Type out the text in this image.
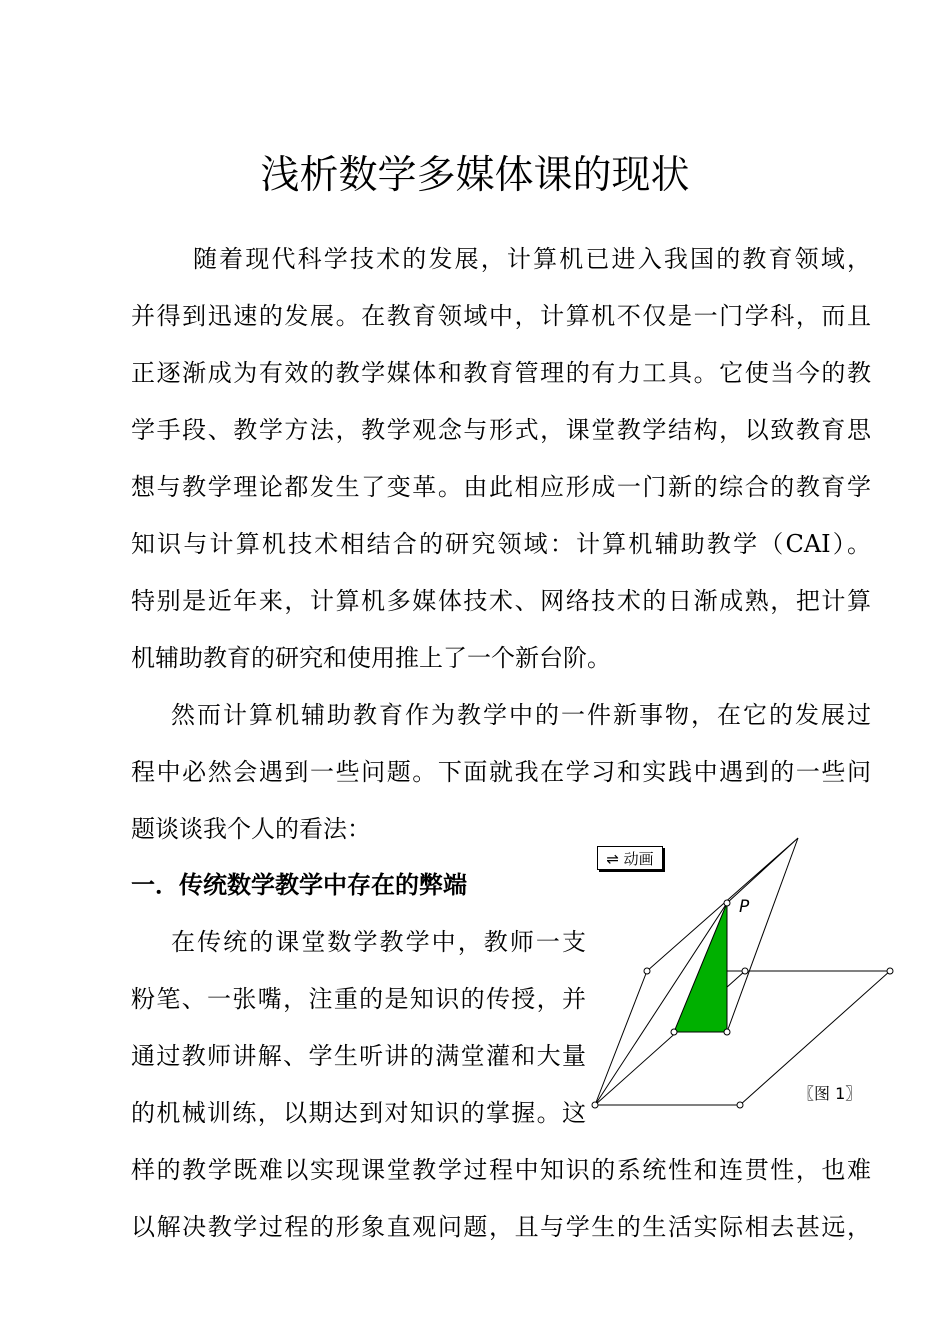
浅析数学多媒体课的现状
随着现代科学技术的发展，计算机已进入我国的教育领域，
并得到迅速的发展。在教育领域中，计算机不仅是一门学科，而且
正逐渐成为有效的教学媒体和教育管理的有力工具。它使当今的教
学手段、教学方法，教学观念与形式，课堂教学结构，以致教育思
想与教学理论都发生了变革。由此相应形成一门新的综合的教育学
知识与计算机技术相结合的研究领域：计算机辅助教学（CAI）。
特别是近年来，计算机多媒体技术、网络技术的日渐成熟，把计算
机辅助教育的研究和使用推上了一个新台阶。
然而计算机辅助教育作为教学中的一件新事物，在它的发展过
程中必然会遇到一些问题。下面就我在学习和实践中遇到的一些问
题谈谈我个人的看法：
一．传统数学教学中存在的弊端
在传统的课堂数学教学中，教师一支
粉笔、一张嘴，注重的是知识的传授，并
通过教师讲解、学生听讲的满堂灌和大量
的机械训练，以期达到对知识的掌握。这
样的教学既难以实现课堂教学过程中知识的系统性和连贯性，也难
以解决教学过程的形象直观问题，且与学生的生活实际相去甚远，
⇌ 动画
P
〖图 1〗
